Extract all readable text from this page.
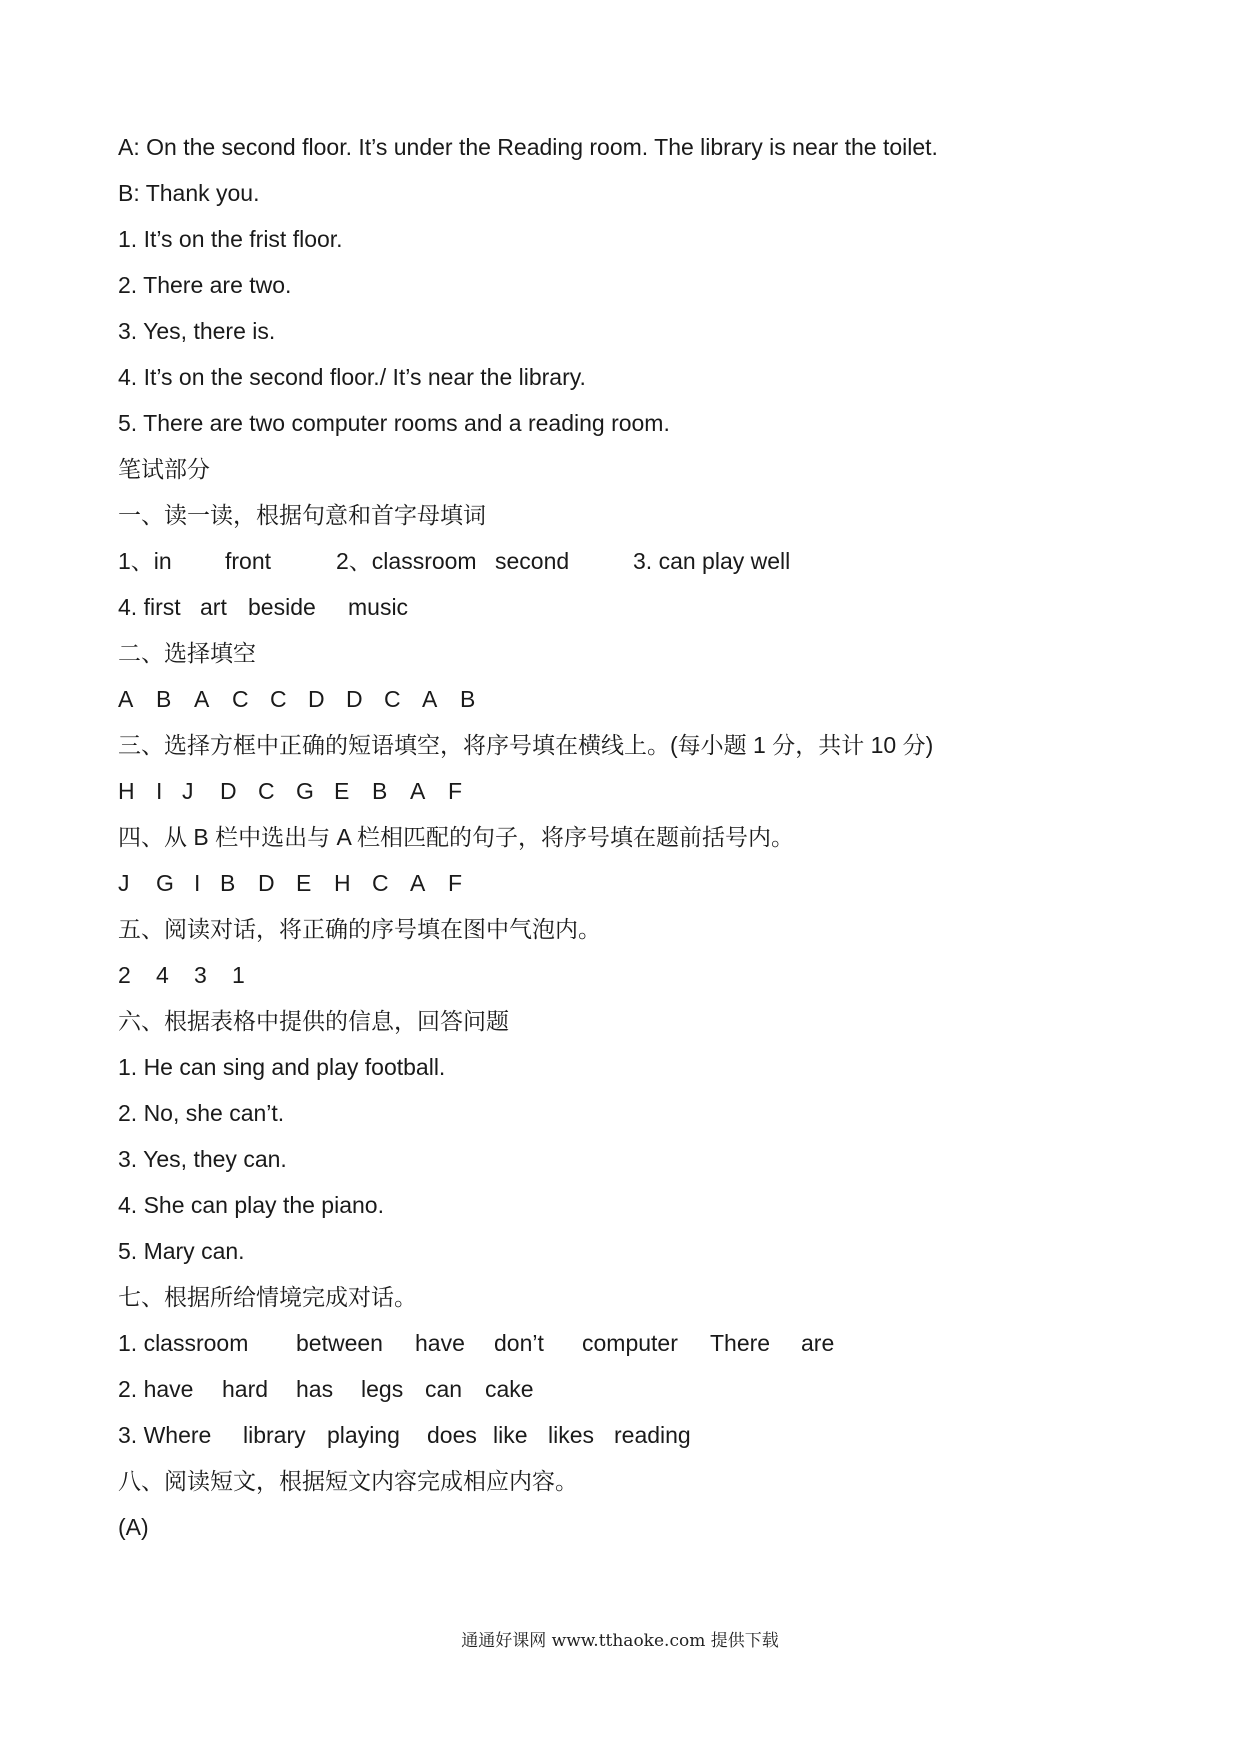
A: On the second floor. It’s under the Reading room. The library is near the toilet.
B: Thank you.
1. It’s on the frist floor.
2. There are two.
3. Yes, there is.
4. It’s on the second floor./ It’s near the library.
5. There are two computer rooms and a reading room.
笔试部分
一、读一读，根据句意和首字母填词
1、in front	2、classroom second	3. can play well
4. first art beside music
二、选择填空
A B A C C D D C A B
三、选择方框中正确的短语填空，将序号填在横线上。(每小题 1 分，共计 10 分)
H I J D C G E B A F
四、从 B 栏中选出与 A 栏相匹配的句子，将序号填在题前括号内。
J G I B D E H C A F
五、阅读对话，将正确的序号填在图中气泡内。
2 4 3 1
六、根据表格中提供的信息，回答问题
1. He can sing and play football.
2. No, she can’t.
3. Yes, they can.
4. She can play the piano.
5. Mary can.
七、根据所给情境完成对话。
1. classroom between have don’t computer There are
2. have hard has legs can cake
3. Where library playing does like likes reading
八、阅读短文，根据短文内容完成相应内容。
(A)
通通好课网 www.tthaoke.com 提供下载
